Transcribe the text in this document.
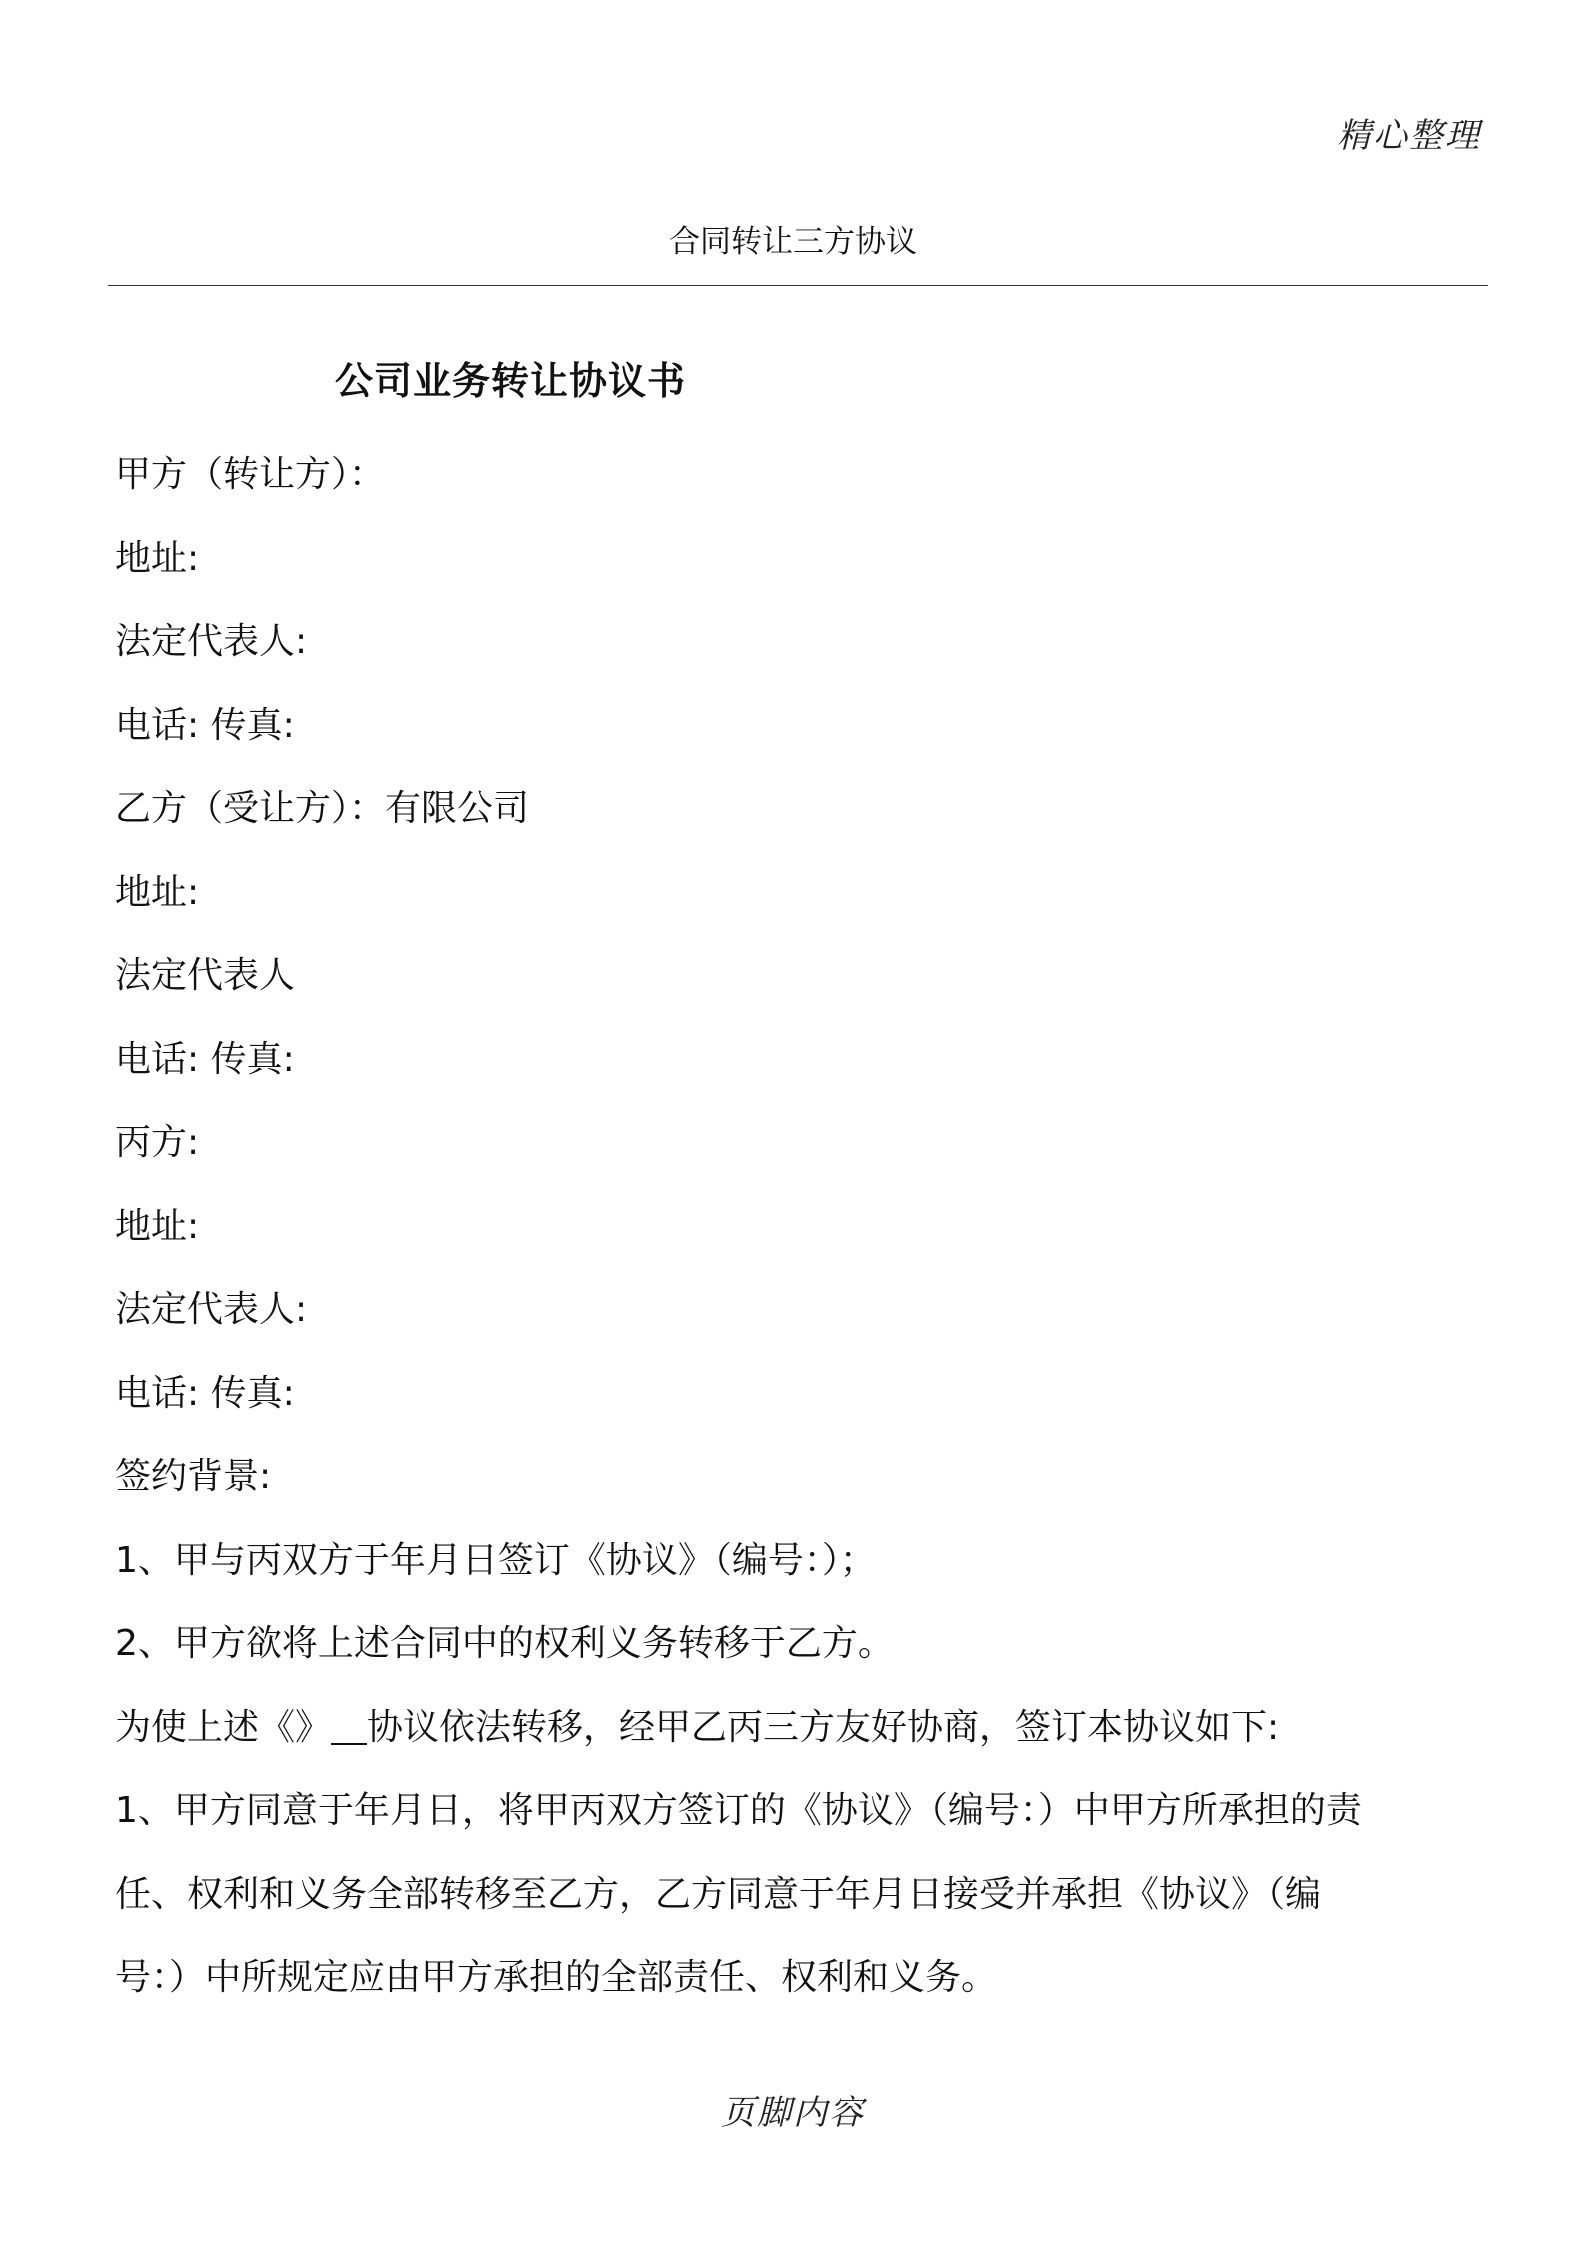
精心整理
合同转让三方协议
公司业务转让协议书
甲方（转让方）：
地址:
法定代表人:
电话: 传真:
乙方（受让方）：有限公司
地址:
法定代表人
电话: 传真:
丙方:
地址:
法定代表人:
电话: 传真:
签约背景:
1、甲与丙双方于年月日签订《协议》（编号：）；
2、甲方欲将上述合同中的权利义务转移于乙方。
为使上述《》 协议依法转移，经甲乙丙三方友好协商，签订本协议如下:
1、甲方同意于年月日，将甲丙双方签订的《协议》（编号：）中甲方所承担的责
任、权利和义务全部转移至乙方，乙方同意于年月日接受并承担《协议》（编
号：）中所规定应由甲方承担的全部责任、权利和义务。
页脚内容
